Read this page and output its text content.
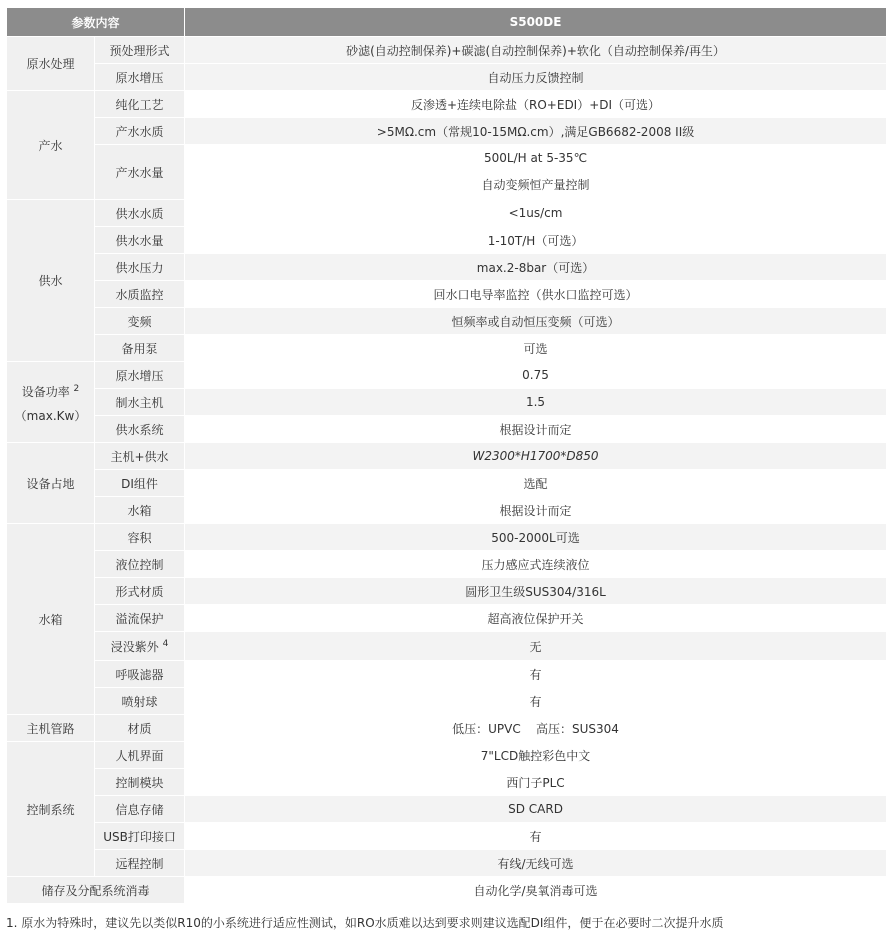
参数内容		S500DE
原水处理	预处理形式	砂滤(自动控制保养)+碳滤(自动控制保养)+软化（自动控制保养/再生）
	原水增压	自动压力反馈控制
产水	纯化工艺	反渗透+连续电除盐（RO+EDI）+DI（可选）
	产水水质	>5MΩ.cm（常规10-15MΩ.cm）,满足GB6682-2008 II级
	产水水量	500L/H at 5-35℃
自动变频恒产量控制

供水	供水水质	<1us/cm
	供水水量	1-10T/H（可选）
	供水压力	max.2-8bar（可选）
	水质监控	回水口电导率监控（供水口监控可选）
	变频	恒频率或自动恒压变频（可选）
	备用泵	可选

设备功率 $^2$
（max.Kw）	原水增压	0.75
	制水主机	1.5
	供水系统	根据设计而定
设备占地	主机+供水	W2300*H1700*D850
	DI组件	选配
	水箱	根据设计而定
水箱	容积	500-2000L可选
	液位控制	压力感应式连续液位
	形式材质	圆形卫生级SUS304/316L
	溢流保护	超高液位保护开关
	浸没紫外 $^4$	无
	呼吸滤器	有
	喷射球	有
主机管路	材质	低压：UPVC    高压：SUS304
控制系统	人机界面	7"LCD触控彩色中文
	控制模块	西门子PLC
	信息存储	SD CARD
	USB打印接口	有
	远程控制	有线/无线可选
储存及分配系统消毒		自动化学/臭氧消毒可选
1. 原水为特殊时，建议先以类似R10的小系统进行适应性测试，如RO水质难以达到要求则建议选配DI组件，便于在必要时二次提升水质
